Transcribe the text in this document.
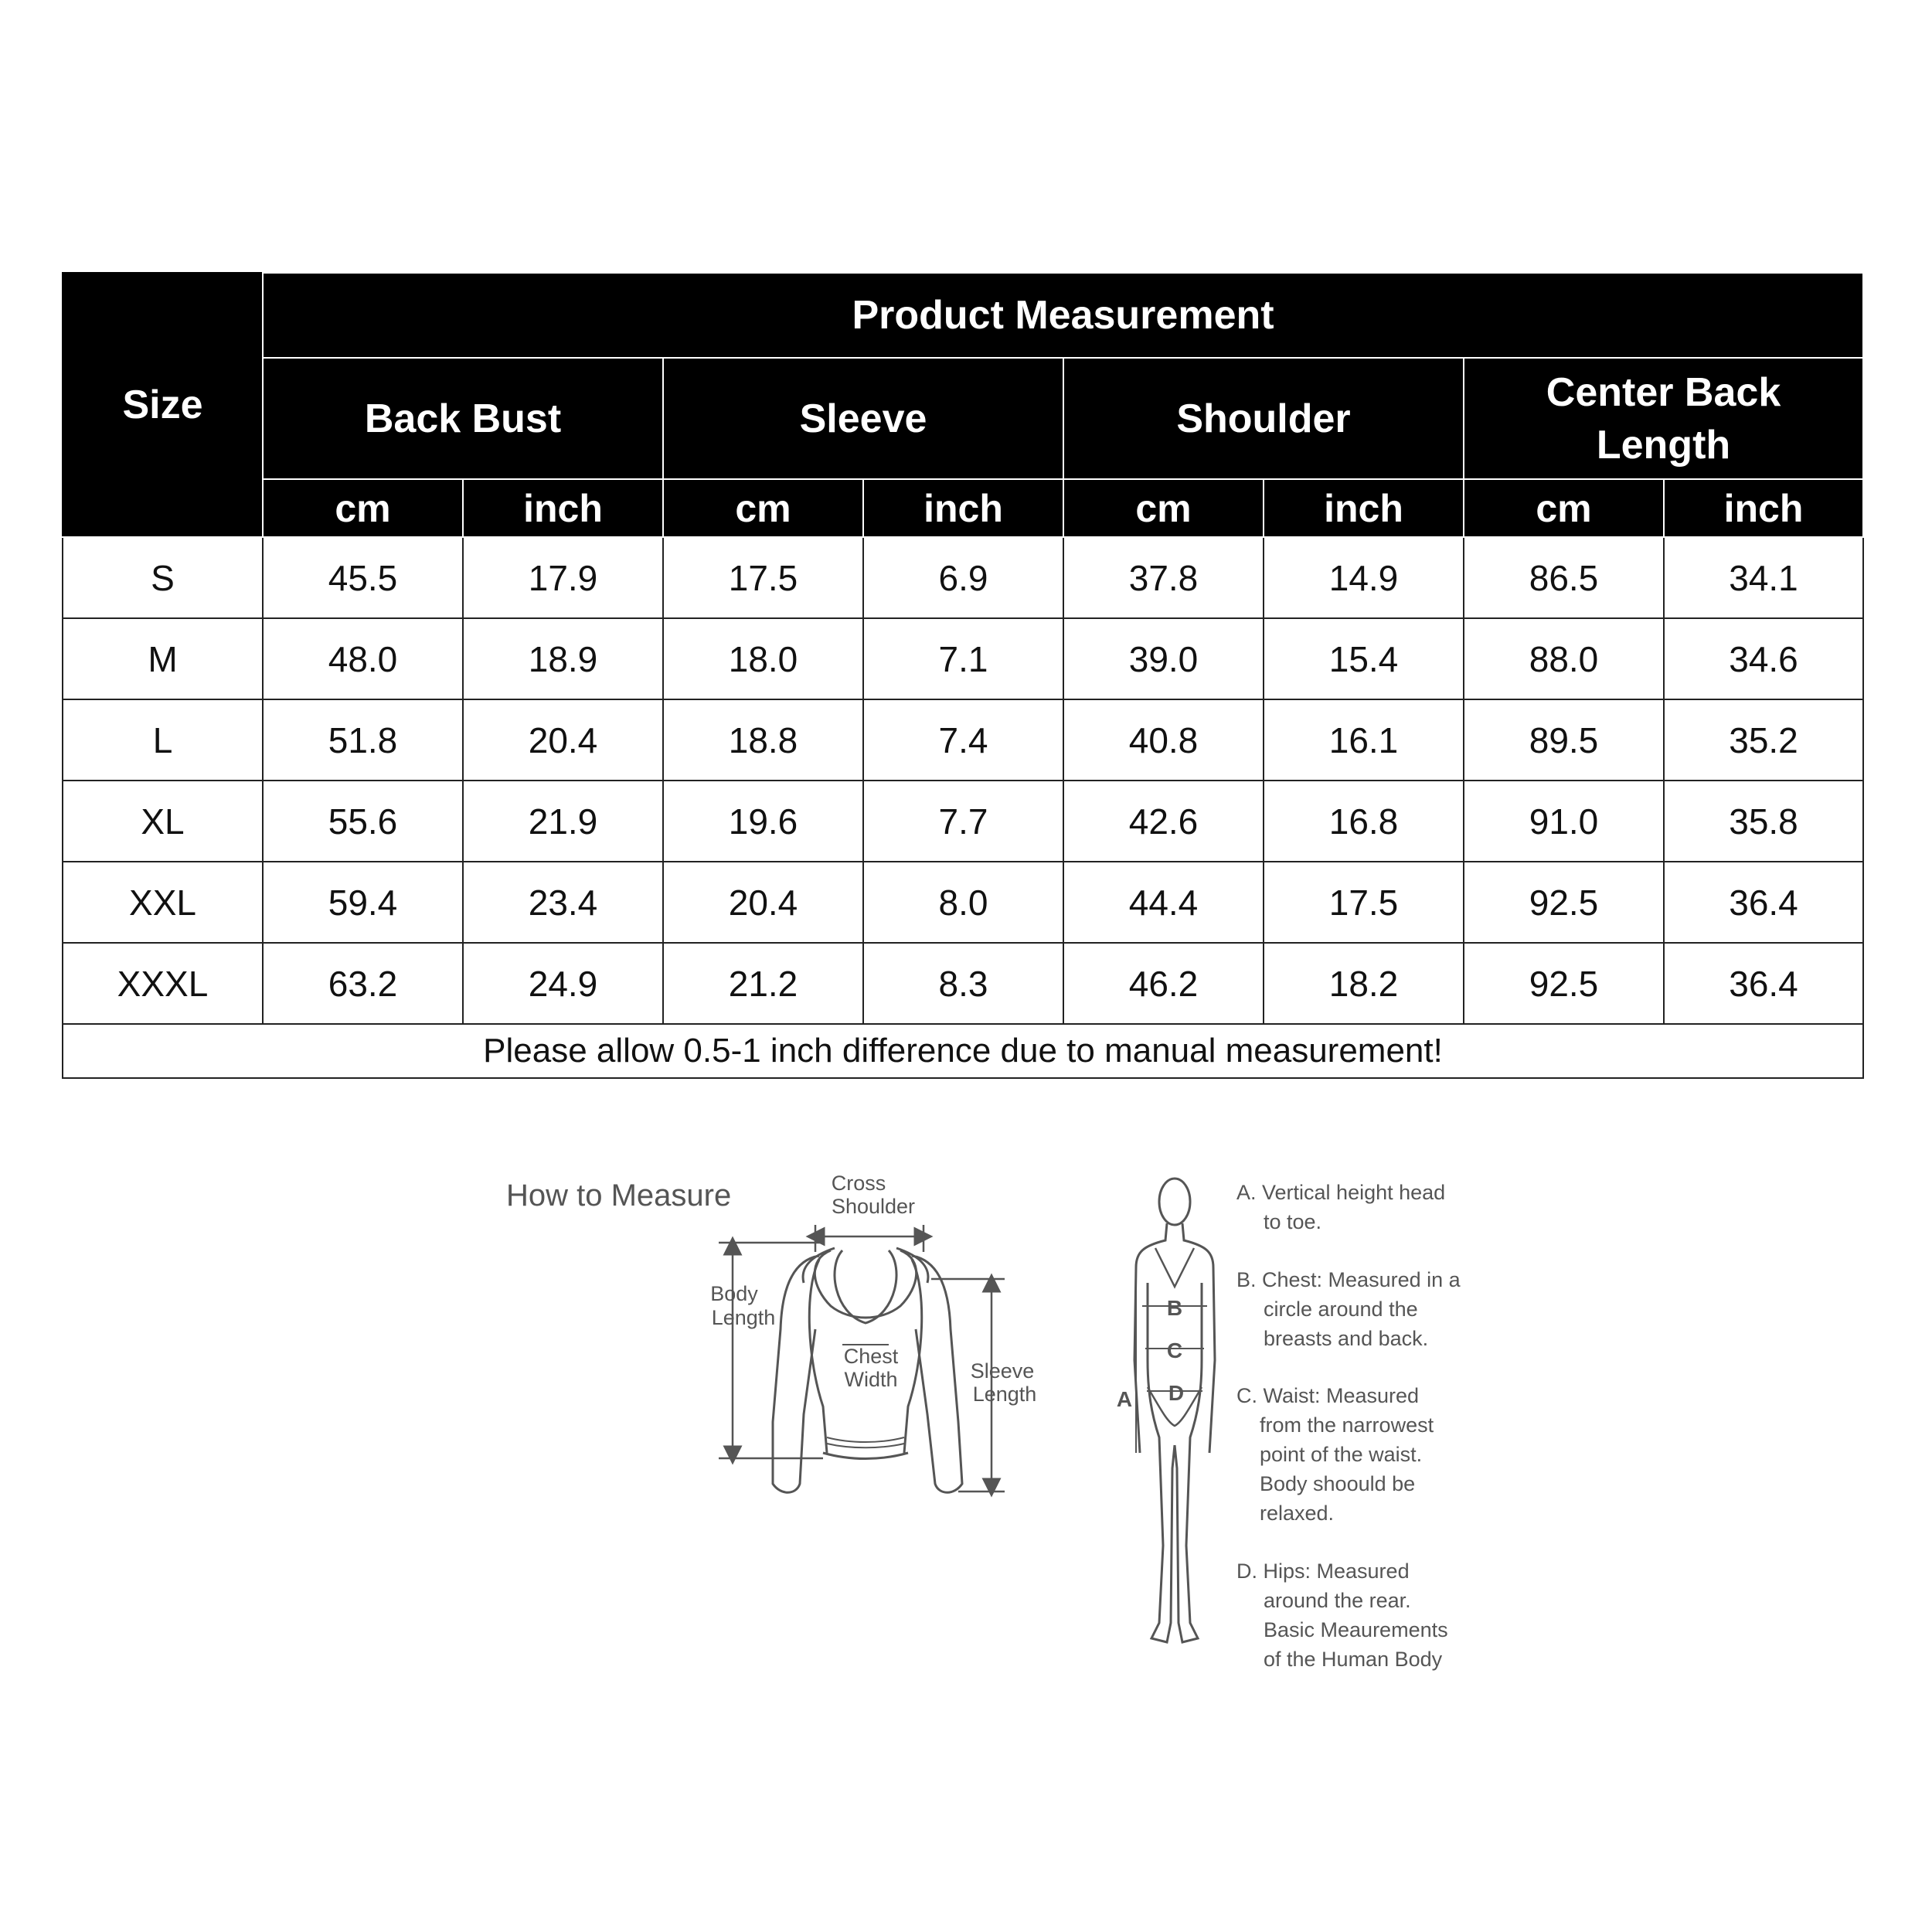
Size	Product Measurement							

	Back Bust		Sleeve		Shoulder		Center Back
Length	

	cm	inch	cm	inch	cm	inch	cm	inch
S	45.5	17.9	17.5	6.9	37.8	14.9	86.5	34.1
M	48.0	18.9	18.0	7.1	39.0	15.4	88.0	34.6
L	51.8	20.4	18.8	7.4	40.8	16.1	89.5	35.2
XL	55.6	21.9	19.6	7.7	42.6	16.8	91.0	35.8
XXL	59.4	23.4	20.4	8.0	44.4	17.5	92.5	36.4
XXXL	63.2	24.9	21.2	8.3	46.2	18.2	92.5	36.4
Please allow 0.5-1 inch difference due to manual measurement!								
How to Measure	Cross
Shoulder
Body
Length
Chest
Width	Sleeve
Length	A
B
C
D
A. Vertical height head
to toe.
B. Chest: Measured in a
circle around the
breasts and back.
C. Waist: Measured
from the narrowest
point of the waist.
Body shoould be
relaxed.
D. Hips: Measured
around the rear.
Basic Meaurements
of the Human Body
